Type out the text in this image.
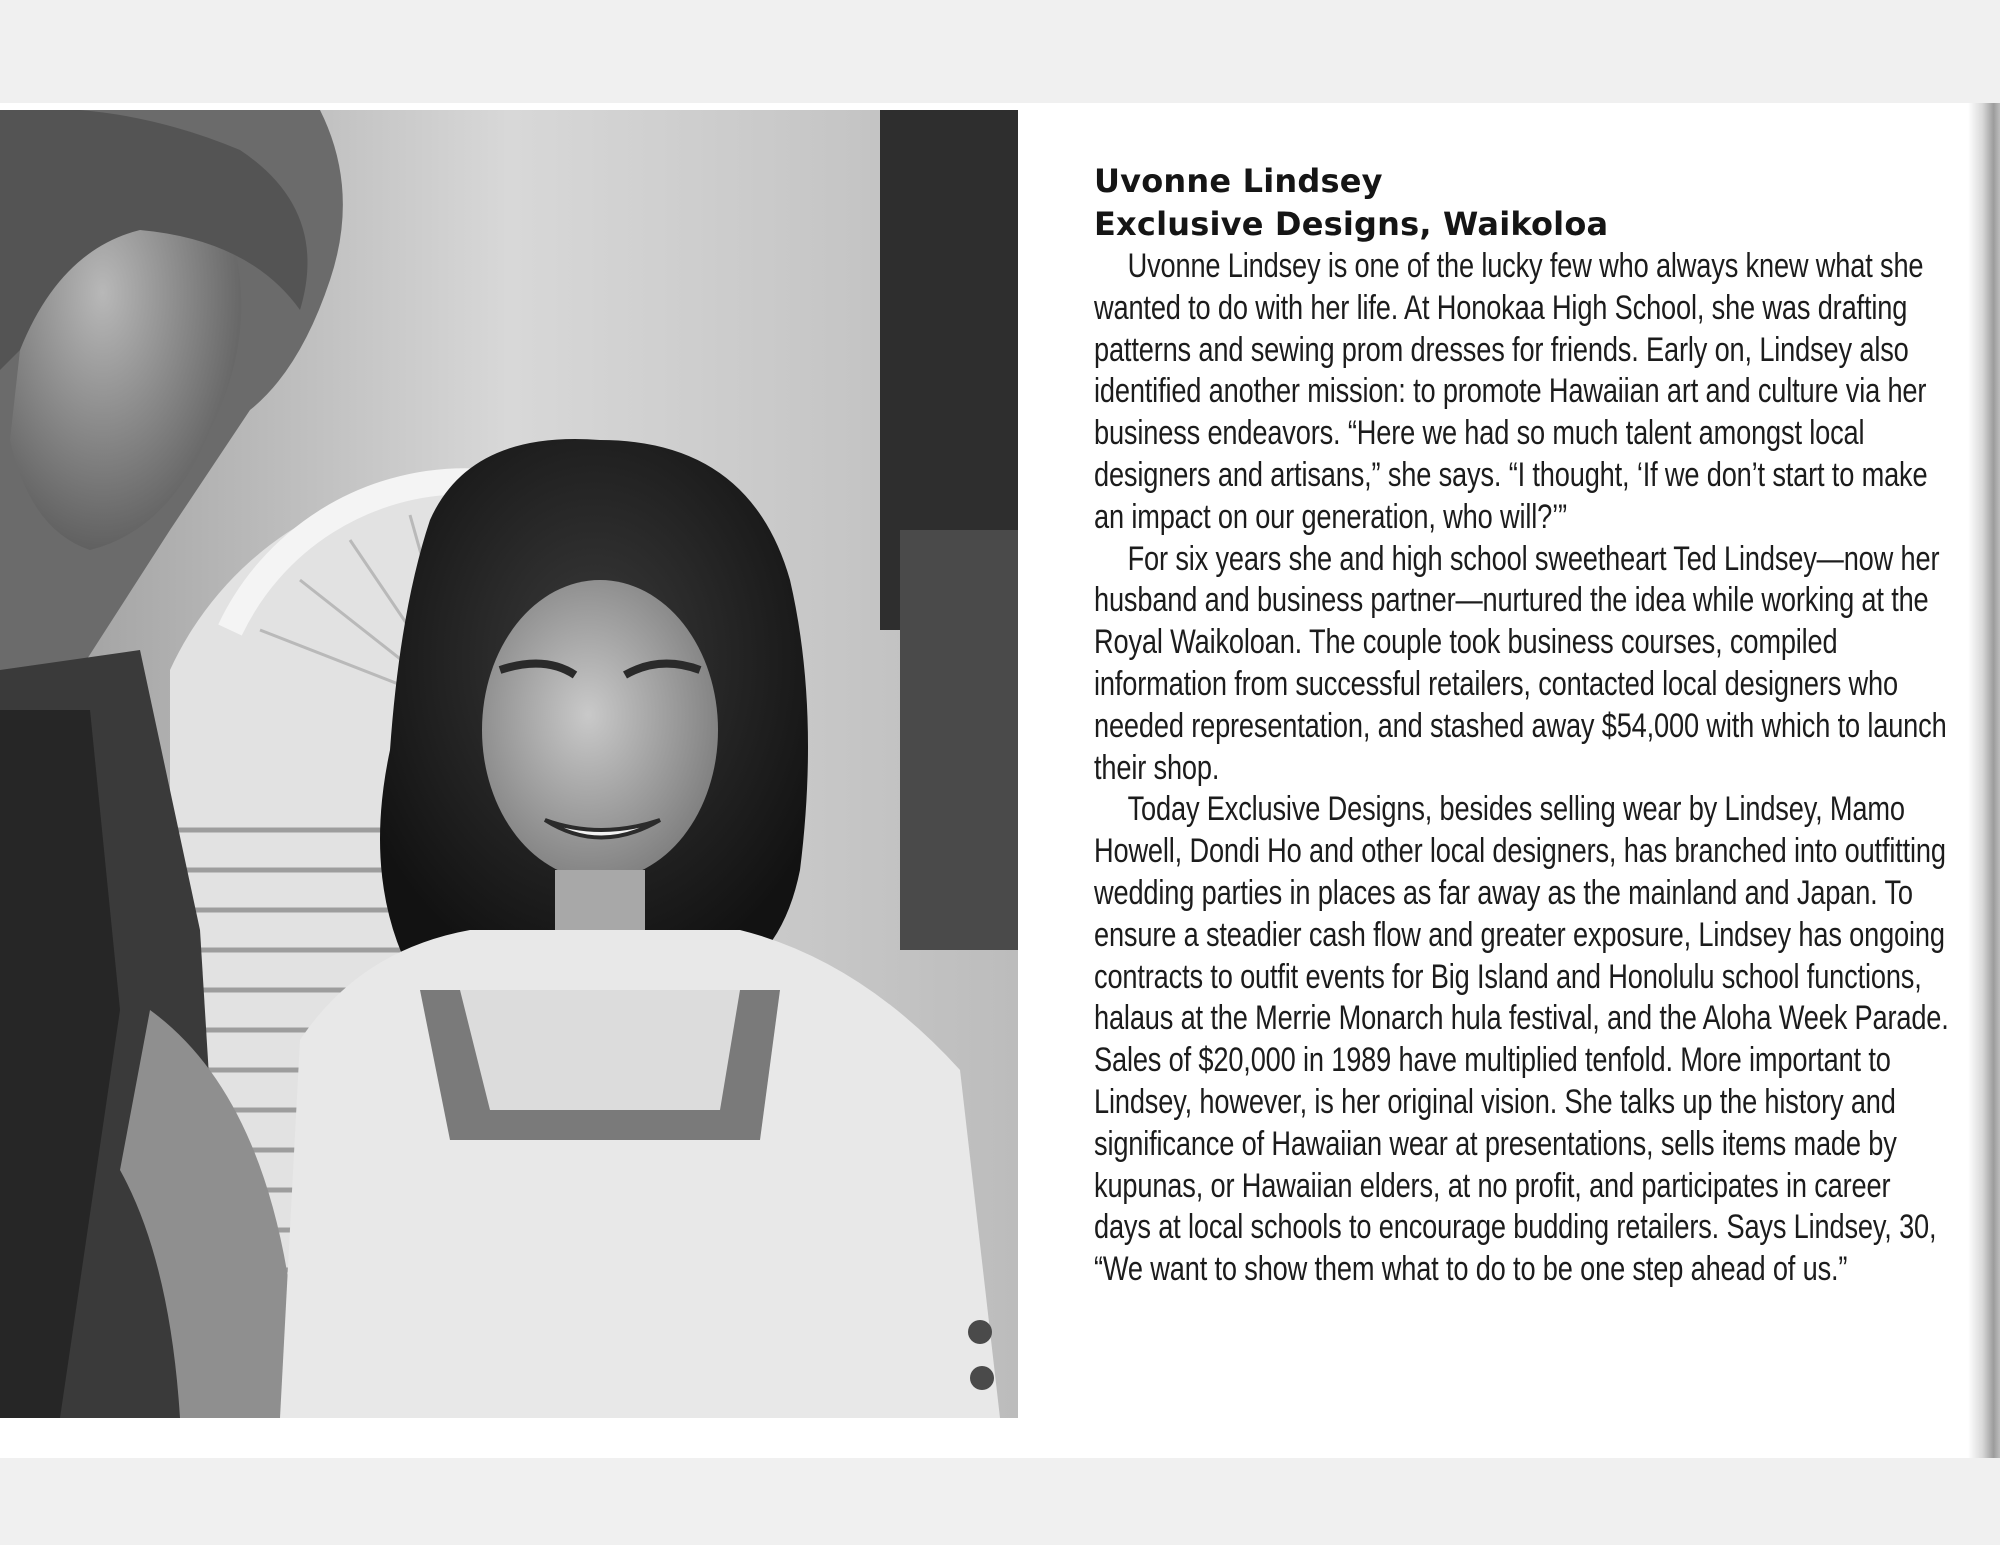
Uvonne Lindsey
Exclusive Designs, Waikoloa

Uvonne Lindsey is one of the lucky few who always knew what she wanted to do with her life. At Honokaa High School, she was drafting patterns and sewing prom dresses for friends. Early on, Lindsey also identified another mission: to promote Hawaiian art and culture via her business endeavors. “Here we had so much talent amongst local designers and artisans,” she says. “I thought, ‘If we don’t start to make an impact on our generation, who will?’”

For six years she and high school sweetheart Ted Lindsey—now her husband and business partner—nurtured the idea while working at the Royal Waikoloan. The couple took business courses, compiled information from successful retailers, contacted local designers who needed representation, and stashed away $54,000 with which to launch their shop.

Today Exclusive Designs, besides selling wear by Lindsey, Mamo Howell, Dondi Ho and other local designers, has branched into outfitting wedding parties in places as far away as the mainland and Japan. To ensure a steadier cash flow and greater exposure, Lindsey has ongoing contracts to outfit events for Big Island and Honolulu school functions, halaus at the Merrie Monarch hula festival, and the Aloha Week Parade. Sales of $20,000 in 1989 have multiplied tenfold. More important to Lindsey, however, is her original vision. She talks up the history and significance of Hawaiian wear at presentations, sells items made by kupunas, or Hawaiian elders, at no profit, and participates in career days at local schools to encourage budding retailers. Says Lindsey, 30, “We want to show them what to do to be one step ahead of us.”
